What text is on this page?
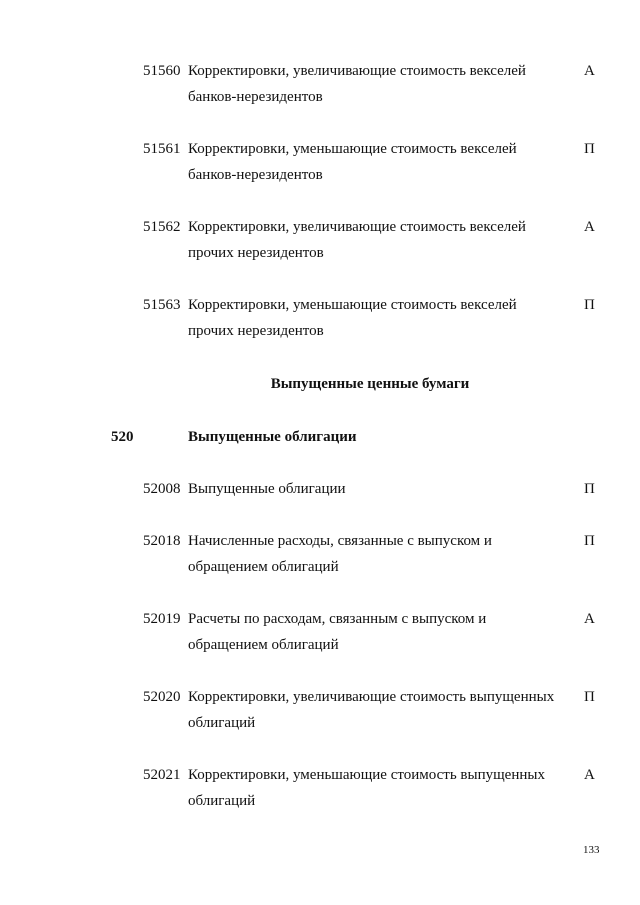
51560 Корректировки, увеличивающие стоимость векселей
банков-нерезидентов
А
51561 Корректировки, уменьшающие стоимость векселей
банков-нерезидентов
П
51562 Корректировки, увеличивающие стоимость векселей
прочих нерезидентов
А
51563 Корректировки, уменьшающие стоимость векселей
прочих нерезидентов
П
Выпущенные ценные бумаги
520	Выпущенные облигации
52008 Выпущенные облигации	П
52018 Начисленные расходы, связанные с выпуском и
обращением облигаций
П
52019 Расчеты по расходам, связанным с выпуском и
обращением облигаций
А
52020 Корректировки, увеличивающие стоимость выпущенных
облигаций
П
52021 Корректировки, уменьшающие стоимость выпущенных
облигаций
А
133
